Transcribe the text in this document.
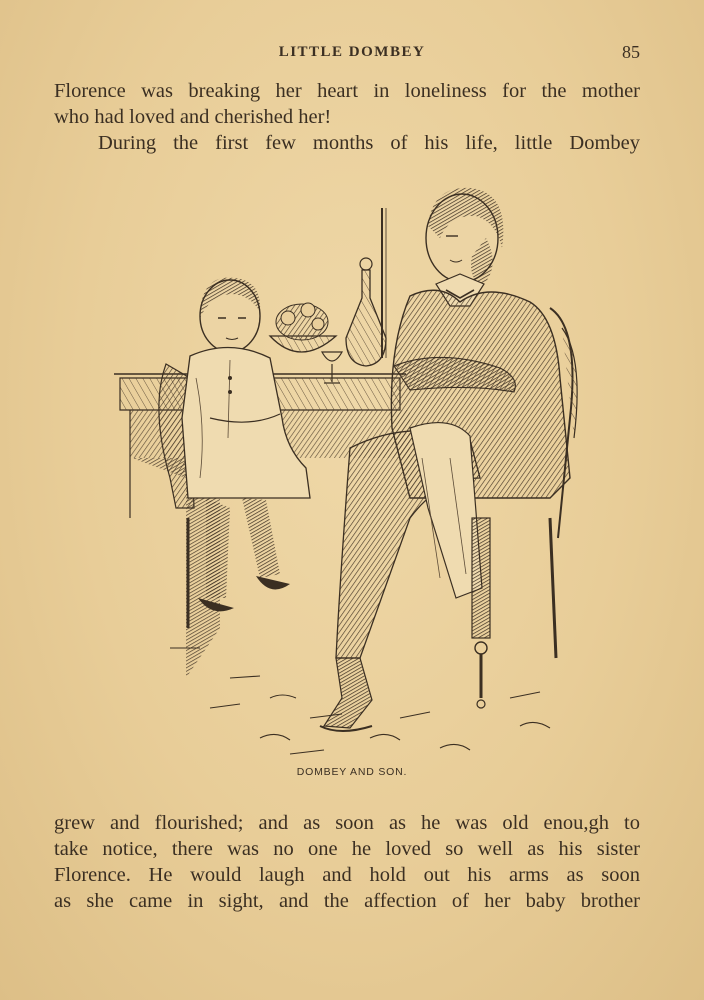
LITTLE DOMBEY	85
Florence was breaking her heart in loneliness for the mother
who had loved and cherished her!
During the first few months of his life, little Dombey
DOMBEY AND SON.
grew and flourished; and as soon as he was old enou,gh to
take notice, there was no one he loved so well as his sister
Florence. He would laugh and hold out his arms as soon
as she came in sight, and the affection of her baby brother
